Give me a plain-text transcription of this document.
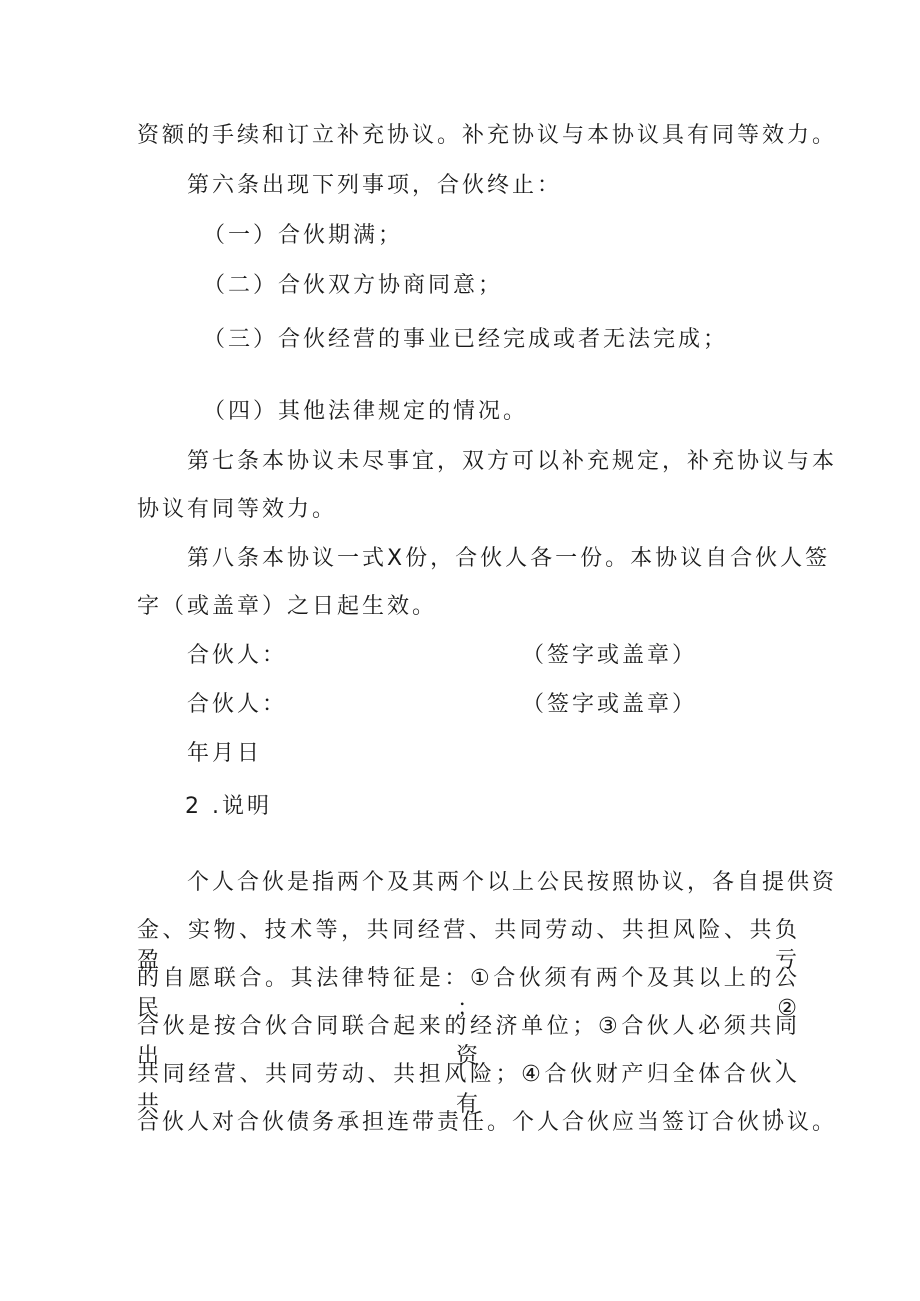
资额的手续和订立补充协议。补充协议与本协议具有同等效力。
第六条出现下列事项，合伙终止：
（一）合伙期满；
（二）合伙双方协商同意；
（三）合伙经营的事业已经完成或者无法完成；
（四）其他法律规定的情况。
第七条本协议未尽事宜，双方可以补充规定，补充协议与本
协议有同等效力。
第八条本协议一式X份，合伙人各一份。本协议自合伙人签
字（或盖章）之日起生效。
合伙人：	（签字或盖章）
合伙人：	（签字或盖章）
年月日
2 .说明
个人合伙是指两个及其两个以上公民按照协议，各自提供资
金、实物、技术等，共同经营、共同劳动、共担风险、共负盈亏
的自愿联合。其法律特征是：①合伙须有两个及其以上的公民；②
合伙是按合伙合同联合起来的经济单位；③合伙人必须共同出资、
共同经营、共同劳动、共担风险；④合伙财产归全体合伙人共有，
合伙人对合伙债务承担连带责任。个人合伙应当签订合伙协议。
